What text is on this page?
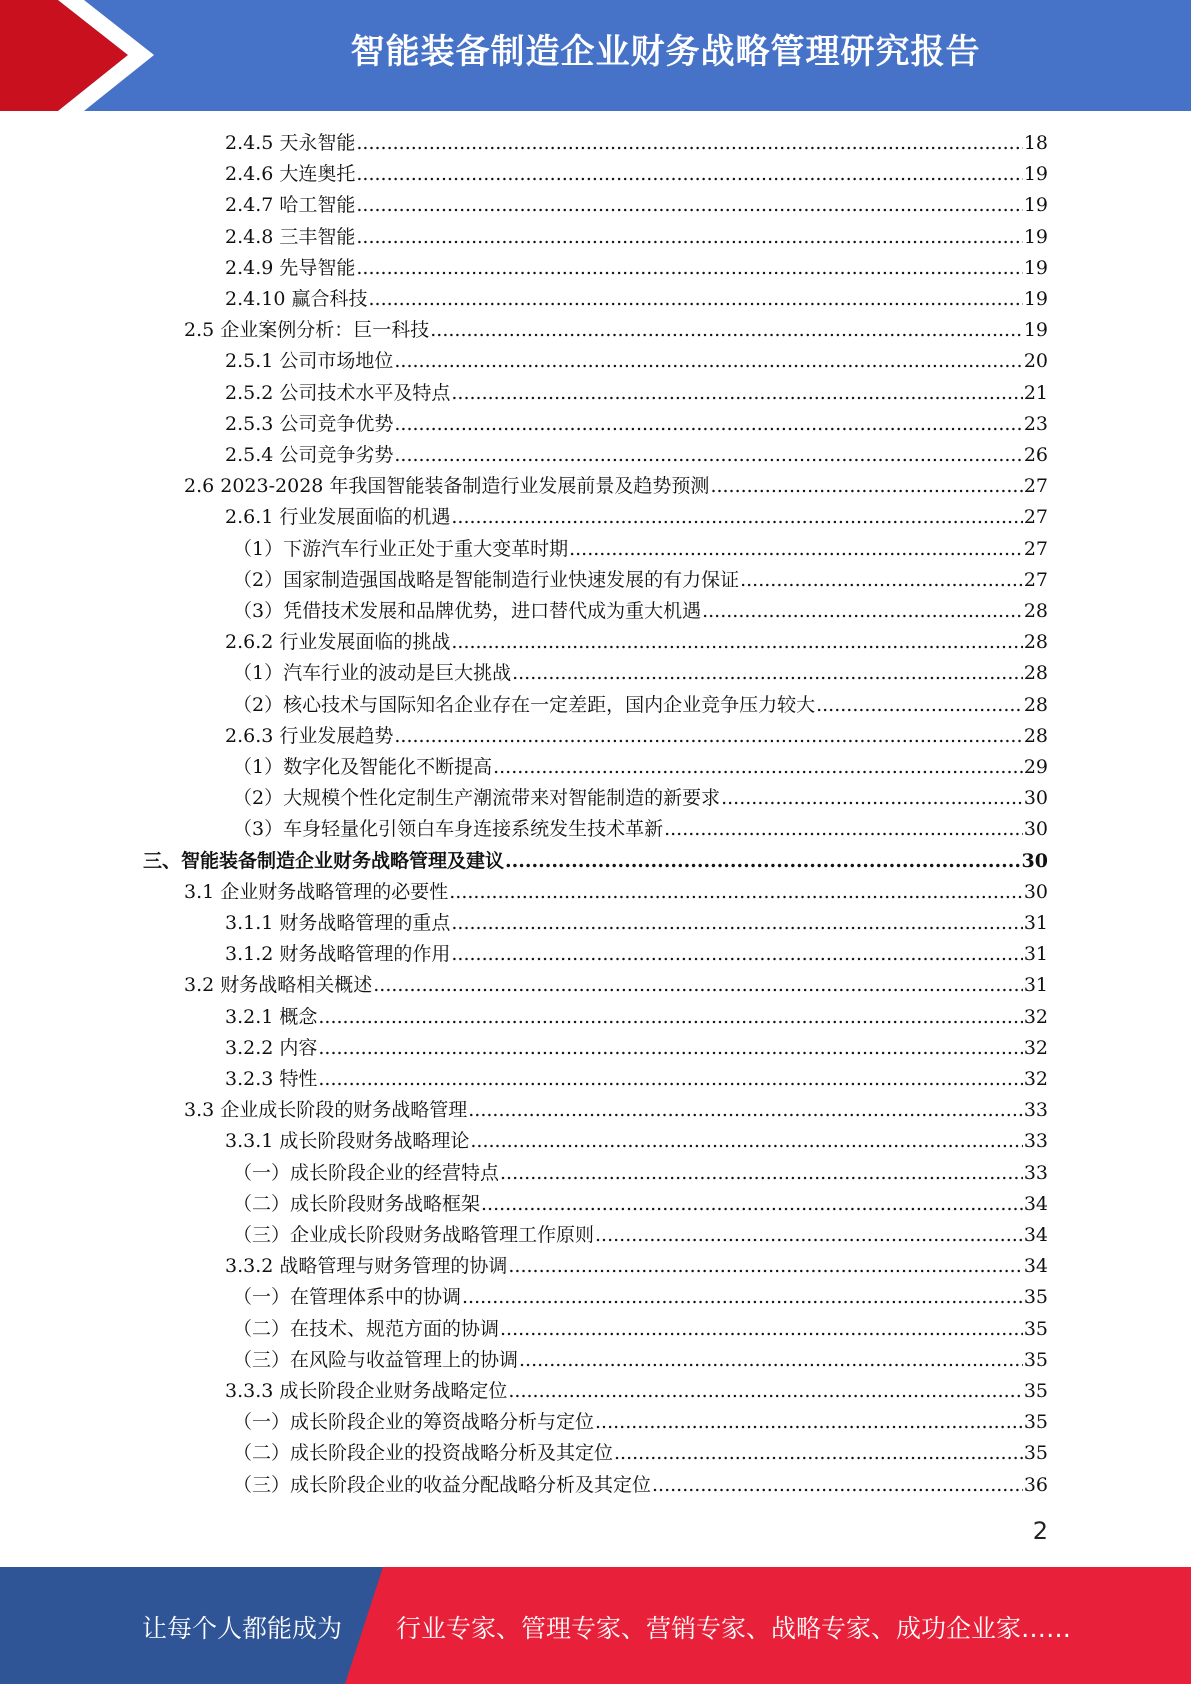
智能装备制造企业财务战略管理研究报告
2.4.5 天永智能 .....	18
2.4.6 大连奥托 .....	19
2.4.7 哈工智能 .....	19
2.4.8 三丰智能 .....	19
2.4.9 先导智能 .....	19
2.4.10 赢合科技 .....	19
2.5 企业案例分析：巨一科技 .....	19
2.5.1 公司市场地位 .....	20
2.5.2 公司技术水平及特点 .....	21
2.5.3 公司竞争优势 .....	23
2.5.4 公司竞争劣势 .....	26
2.6 2023-2028 年我国智能装备制造行业发展前景及趋势预测 .....	27
2.6.1 行业发展面临的机遇 .....	27
（1）下游汽车行业正处于重大变革时期 .....	27
（2）国家制造强国战略是智能制造行业快速发展的有力保证 .....	27
（3）凭借技术发展和品牌优势，进口替代成为重大机遇 .....	28
2.6.2 行业发展面临的挑战 .....	28
（1）汽车行业的波动是巨大挑战 .....	28
（2）核心技术与国际知名企业存在一定差距，国内企业竞争压力较大 .....	28
2.6.3 行业发展趋势 .....	28
（1）数字化及智能化不断提高 .....	29
（2）大规模个性化定制生产潮流带来对智能制造的新要求 .....	30
（3）车身轻量化引领白车身连接系统发生技术革新 .....	30
三、智能装备制造企业财务战略管理及建议 .....	30
3.1 企业财务战略管理的必要性 .....	30
3.1.1 财务战略管理的重点 .....	31
3.1.2 财务战略管理的作用 .....	31
3.2 财务战略相关概述 .....	31
3.2.1 概念 .....	32
3.2.2 内容 .....	32
3.2.3 特性 .....	32
3.3 企业成长阶段的财务战略管理 .....	33
3.3.1 成长阶段财务战略理论 .....	33
（一）成长阶段企业的经营特点 .....	33
（二）成长阶段财务战略框架 .....	34
（三）企业成长阶段财务战略管理工作原则 .....	34
3.3.2 战略管理与财务管理的协调 .....	34
（一）在管理体系中的协调 .....	35
（二）在技术、规范方面的协调 .....	35
（三）在风险与收益管理上的协调 .....	35
3.3.3 成长阶段企业财务战略定位 .....	35
（一）成长阶段企业的筹资战略分析与定位 .....	35
（二）成长阶段企业的投资战略分析及其定位 .....	35
（三）成长阶段企业的收益分配战略分析及其定位 .....	36
2
让每个人都能成为 行业专家、管理专家、营销专家、战略专家、成功企业家……
